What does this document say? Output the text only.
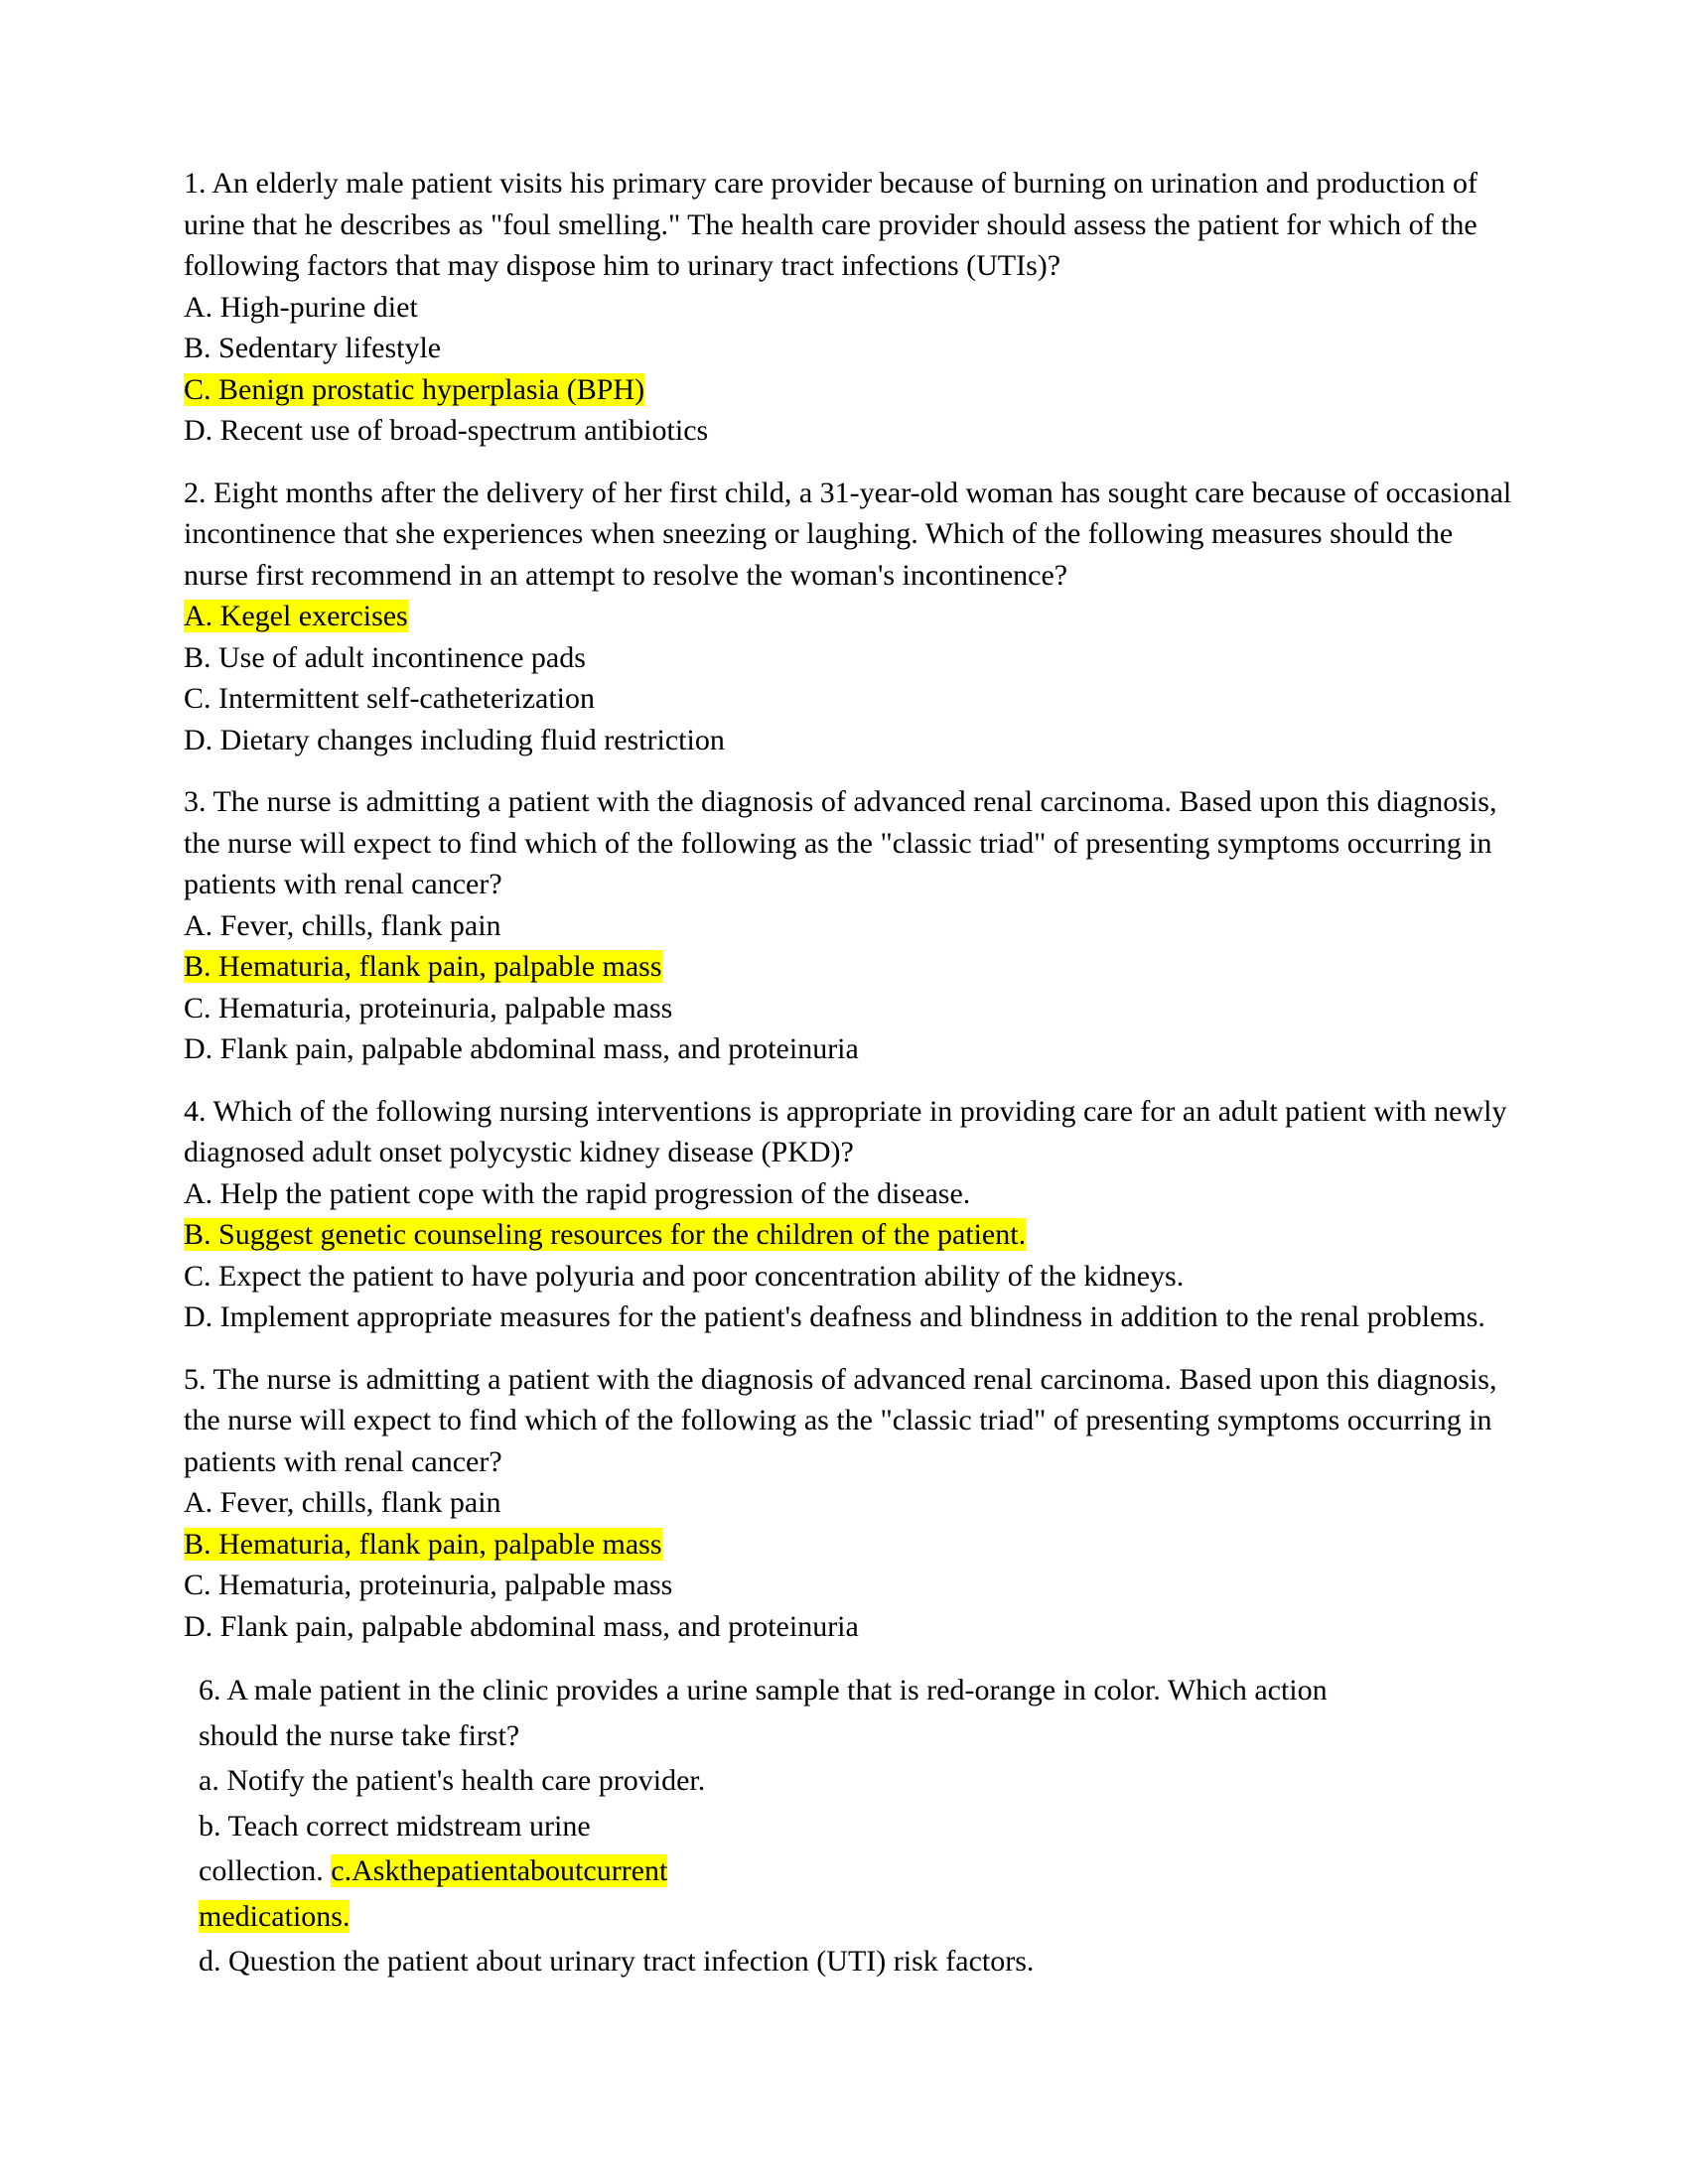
1. An elderly male patient visits his primary care provider because of burning on urination and production of urine that he describes as "foul smelling." The health care provider should assess the patient for which of the following factors that may dispose him to urinary tract infections (UTIs)?

A. High-purine diet

B. Sedentary lifestyle

C. Benign prostatic hyperplasia (BPH)

D. Recent use of broad-spectrum antibiotics

2. Eight months after the delivery of her first child, a 31-year-old woman has sought care because of occasional incontinence that she experiences when sneezing or laughing. Which of the following measures should the nurse first recommend in an attempt to resolve the woman's incontinence?

A. Kegel exercises

B. Use of adult incontinence pads

C. Intermittent self-catheterization

D. Dietary changes including fluid restriction

3. The nurse is admitting a patient with the diagnosis of advanced renal carcinoma. Based upon this diagnosis, the nurse will expect to find which of the following as the "classic triad" of presenting symptoms occurring in patients with renal cancer?

A. Fever, chills, flank pain

B. Hematuria, flank pain, palpable mass

C. Hematuria, proteinuria, palpable mass

D. Flank pain, palpable abdominal mass, and proteinuria

4. Which of the following nursing interventions is appropriate in providing care for an adult patient with newly diagnosed adult onset polycystic kidney disease (PKD)?

A. Help the patient cope with the rapid progression of the disease.

B. Suggest genetic counseling resources for the children of the patient.

C. Expect the patient to have polyuria and poor concentration ability of the kidneys.

D. Implement appropriate measures for the patient's deafness and blindness in addition to the renal problems.

5. The nurse is admitting a patient with the diagnosis of advanced renal carcinoma. Based upon this diagnosis, the nurse will expect to find which of the following as the "classic triad" of presenting symptoms occurring in patients with renal cancer?

A. Fever, chills, flank pain

B. Hematuria, flank pain, palpable mass

C. Hematuria, proteinuria, palpable mass

D. Flank pain, palpable abdominal mass, and proteinuria

6. A male patient in the clinic provides a urine sample that is red-orange in color. Which action

should the nurse take first?

a. Notify the patient's health care provider.

b. Teach correct midstream urine

collection. c.Askthepatientaboutcurrent

medications.

d. Question the patient about urinary tract infection (UTI) risk factors.
